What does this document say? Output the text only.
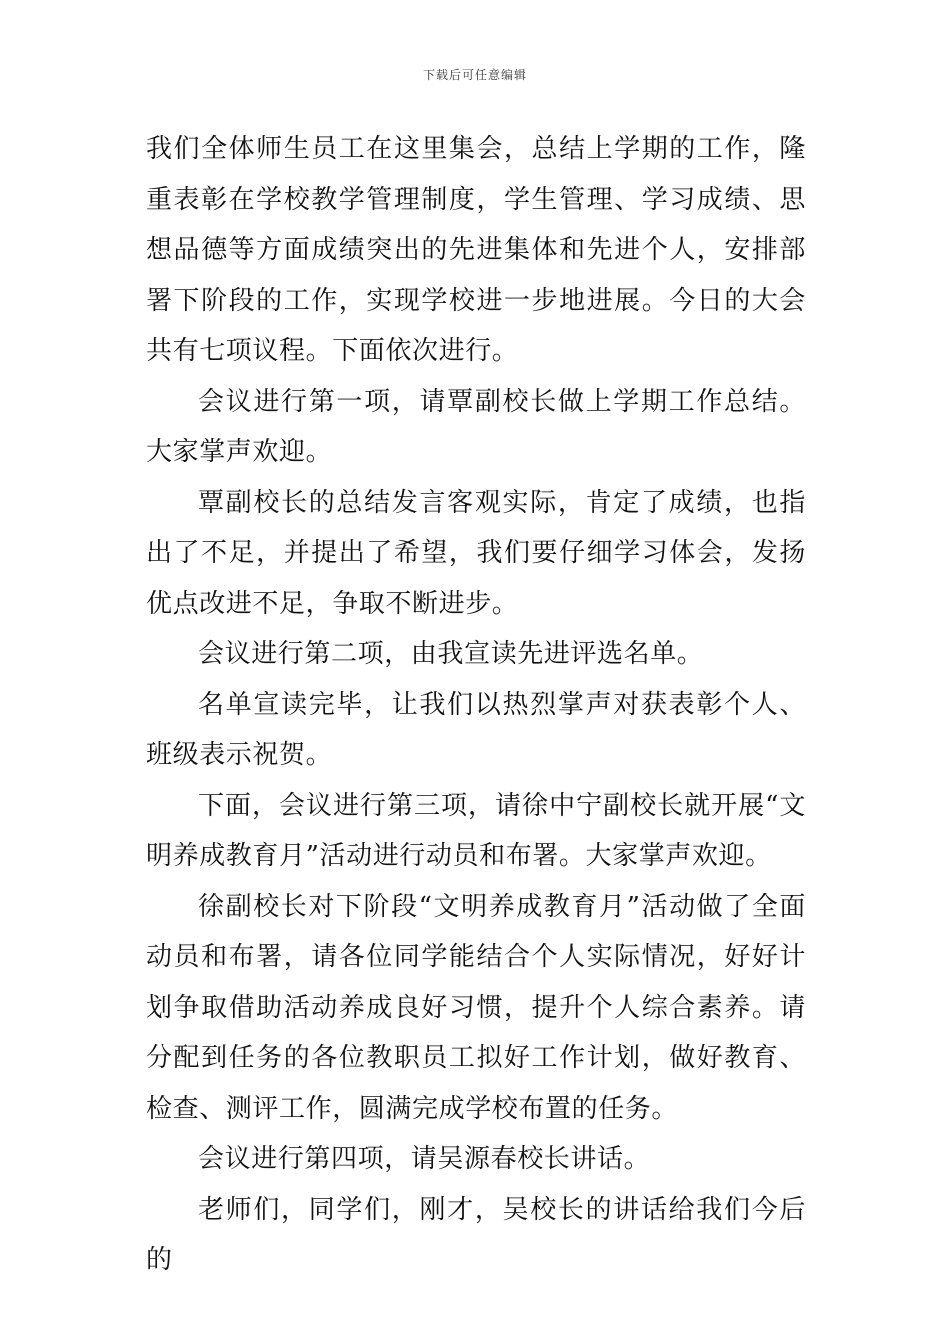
下载后可任意编辑

我们全体师生员工在这里集会，总结上学期的工作，隆重表彰在学校教学管理制度，学生管理、学习成绩、思想品德等方面成绩突出的先进集体和先进个人，安排部署下阶段的工作，实现学校进一步地进展。今日的大会共有七项议程。下面依次进行。

会议进行第一项，请覃副校长做上学期工作总结。大家掌声欢迎。

覃副校长的总结发言客观实际，肯定了成绩，也指出了不足，并提出了希望，我们要仔细学习体会，发扬优点改进不足，争取不断进步。

会议进行第二项，由我宣读先进评选名单。

名单宣读完毕，让我们以热烈掌声对获表彰个人、班级表示祝贺。

下面，会议进行第三项，请徐中宁副校长就开展“文明养成教育月”活动进行动员和布署。大家掌声欢迎。

徐副校长对下阶段“文明养成教育月”活动做了全面动员和布署，请各位同学能结合个人实际情况，好好计划争取借助活动养成良好习惯，提升个人综合素养。请分配到任务的各位教职员工拟好工作计划，做好教育、检查、测评工作，圆满完成学校布置的任务。

会议进行第四项，请吴源春校长讲话。

老师们，同学们，刚才，吴校长的讲话给我们今后的
